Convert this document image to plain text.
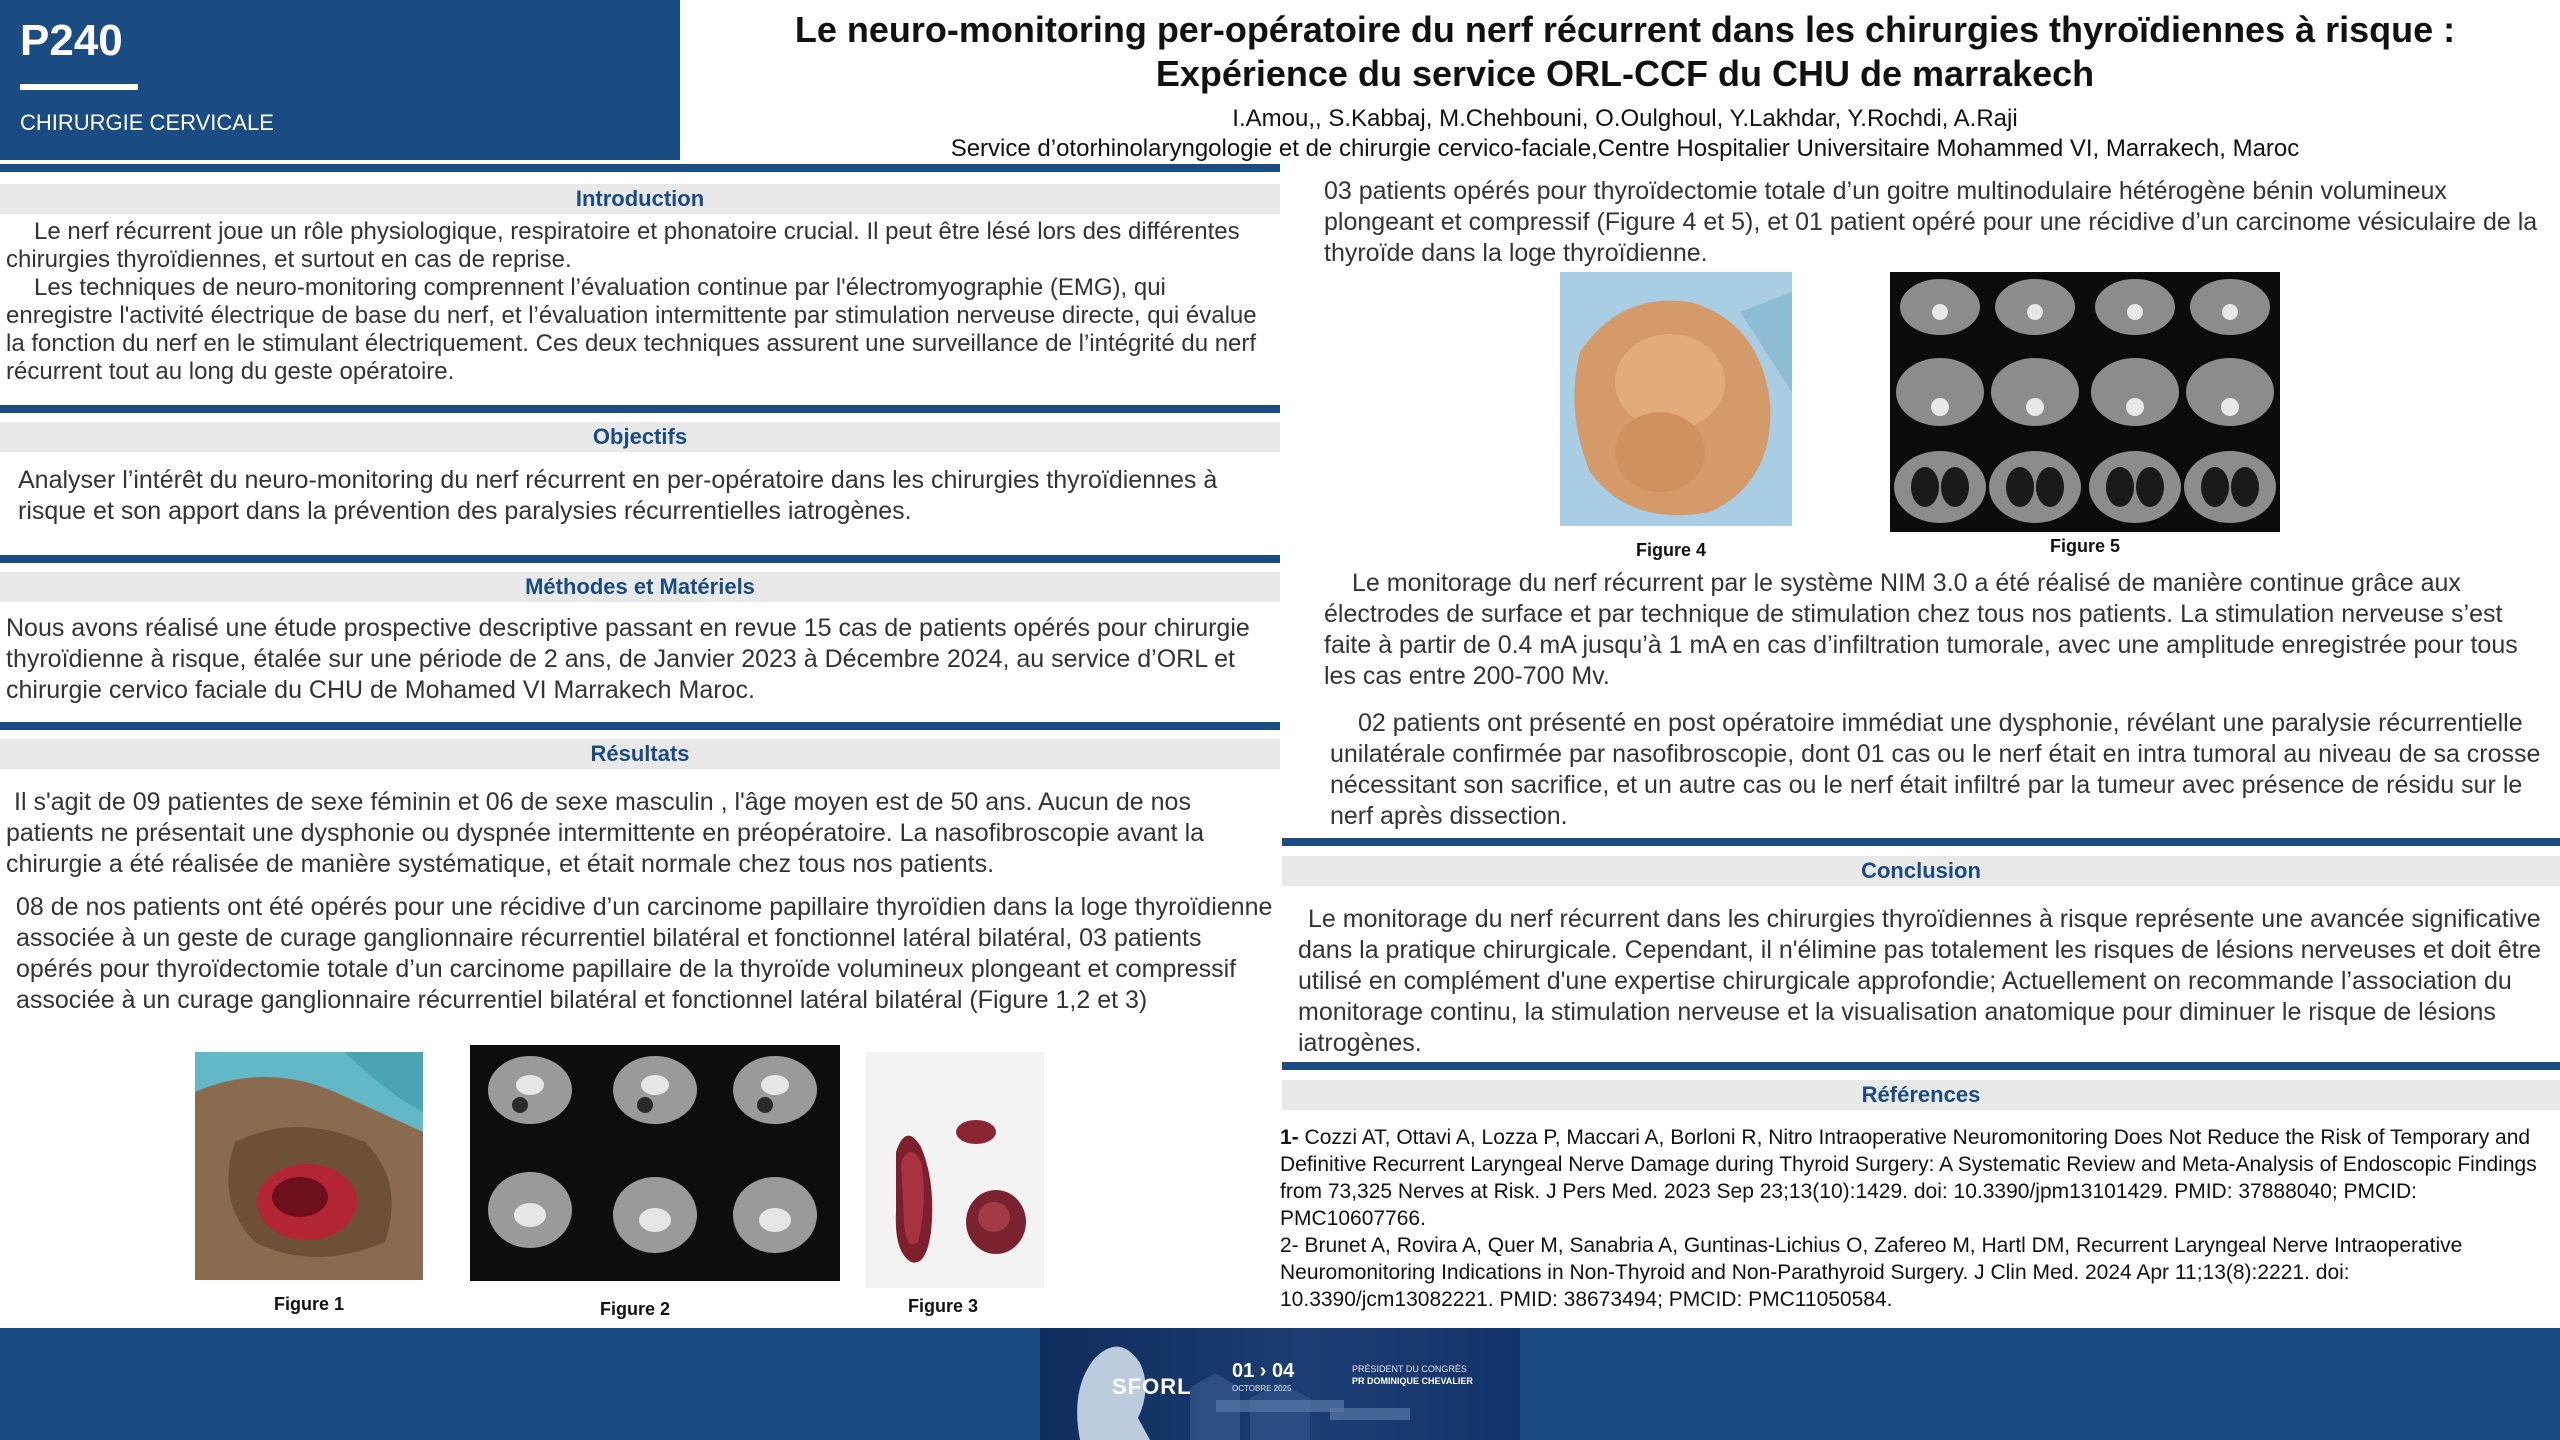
P240
CHIRURGIE CERVICALE
Le neuro-monitoring per-opératoire du nerf récurrent dans les chirurgies thyroïdiennes à risque :
Expérience du service ORL-CCF du CHU de marrakech
I.Amou,, S.Kabbaj, M.Chehbouni, O.Oulghoul, Y.Lakhdar, Y.Rochdi, A.Raji
Service d’otorhinolaryngologie et de chirurgie cervico-faciale,Centre Hospitalier Universitaire Mohammed VI, Marrakech, Maroc
Introduction

Le nerf récurrent joue un rôle physiologique, respiratoire et phonatoire crucial. Il peut être lésé lors des différentes chirurgies thyroïdiennes, et surtout en cas de reprise.

Les techniques de neuro-monitoring comprennent l’évaluation continue par l'électromyographie (EMG), qui enregistre l'activité électrique de base du nerf, et l’évaluation intermittente par stimulation nerveuse directe, qui évalue la fonction du nerf en le stimulant électriquement. Ces deux techniques assurent une surveillance de l’intégrité du nerf récurrent tout au long du geste opératoire.

Objectifs
Analyser l’intérêt du neuro-monitoring du nerf récurrent en per-opératoire dans les chirurgies thyroïdiennes à risque et son apport dans la prévention des paralysies récurrentielles iatrogènes.
Méthodes et Matériels
Nous avons réalisé une étude prospective descriptive passant en revue 15 cas de patients opérés pour chirurgie thyroïdienne à risque, étalée sur une période de 2 ans, de Janvier 2023 à Décembre 2024, au service d’ORL et chirurgie cervico faciale du CHU de Mohamed VI Marrakech Maroc.
Résultats
Il s'agit de 09 patientes de sexe féminin et 06 de sexe masculin , l'âge moyen est de 50 ans. Aucun de nos patients ne présentait une dysphonie ou dyspnée intermittente en préopératoire. La nasofibroscopie avant la chirurgie a été réalisée de manière systématique, et était normale chez tous nos patients.
08 de nos patients ont été opérés pour une récidive d’un carcinome papillaire thyroïdien dans la loge thyroïdienne associée à un geste de curage ganglionnaire récurrentiel bilatéral et fonctionnel latéral bilatéral, 03 patients opérés pour thyroïdectomie totale d’un carcinome papillaire de la thyroïde volumineux plongeant et compressif associée à un curage ganglionnaire récurrentiel bilatéral et fonctionnel latéral bilatéral (Figure 1,2 et 3)
Figure 1	Figure 2	Figure 3
03 patients opérés pour thyroïdectomie totale d’un goitre multinodulaire hétérogène bénin volumineux plongeant et compressif (Figure 4 et 5), et 01 patient opéré pour une récidive d’un carcinome vésiculaire de la thyroïde dans la loge thyroïdienne.
Figure 4	Figure 5
Le monitorage du nerf récurrent par le système NIM 3.0 a été réalisé de manière continue grâce aux électrodes de surface et par technique de stimulation chez tous nos patients. La stimulation nerveuse s’est faite à partir de 0.4 mA jusqu’à 1 mA en cas d’infiltration tumorale, avec une amplitude enregistrée pour tous les cas entre 200-700 Mv.
02 patients ont présenté en post opératoire immédiat une dysphonie, révélant une paralysie récurrentielle unilatérale confirmée par nasofibroscopie, dont 01 cas ou le nerf était en intra tumoral au niveau de sa crosse nécessitant son sacrifice, et un autre cas ou le nerf était infiltré par la tumeur avec présence de résidu sur le nerf après dissection.
Conclusion
Le monitorage du nerf récurrent dans les chirurgies thyroïdiennes à risque représente une avancée significative dans la pratique chirurgicale. Cependant, il n'élimine pas totalement les risques de lésions nerveuses et doit être utilisé en complément d'une expertise chirurgicale approfondie; Actuellement on recommande l’association du monitorage continu, la stimulation nerveuse et la visualisation anatomique pour diminuer le risque de lésions iatrogènes.
Références

1- Cozzi AT, Ottavi A, Lozza P, Maccari A, Borloni R, Nitro Intraoperative Neuromonitoring Does Not Reduce the Risk of Temporary and Definitive Recurrent Laryngeal Nerve Damage during Thyroid Surgery: A Systematic Review and Meta-Analysis of Endoscopic Findings from 73,325 Nerves at Risk. J Pers Med. 2023 Sep 23;13(10):1429. doi: 10.3390/jpm13101429. PMID: 37888040; PMCID: PMC10607766.

2- Brunet A, Rovira A, Quer M, Sanabria A, Guntinas-Lichius O, Zafereo M, Hartl DM, Recurrent Laryngeal Nerve Intraoperative Neuromonitoring Indications in Non-Thyroid and Non-Parathyroid Surgery. J Clin Med. 2024 Apr 11;13(8):2221. doi: 10.3390/jcm13082221. PMID: 38673494; PMCID: PMC11050584.

SFORL
01 › 04
OCTOBRE 2025
PRÉSIDENT DU CONGRÈS
PR DOMINIQUE CHEVALIER
